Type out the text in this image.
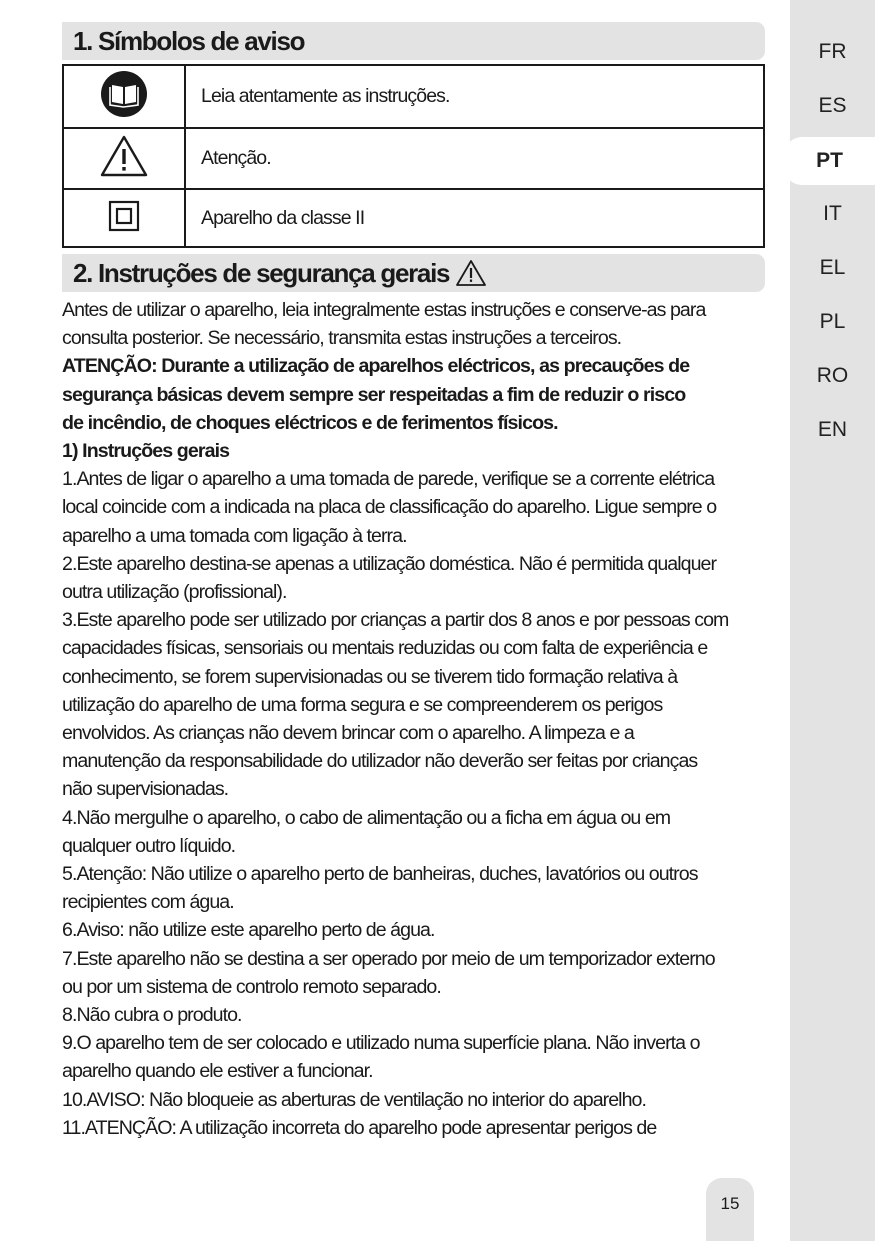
1. Símbolos de aviso
	Leia atentamente as instruções.
	Atenção.
	Aparelho da classe II
2. Instruções de segurança gerais

Antes de utilizar o aparelho, leia integralmente estas instruções e conserve-as para

consulta posterior. Se necessário, transmita estas instruções a terceiros.

ATENÇÃO: Durante a utilização de aparelhos eléctricos, as precauções de

segurança básicas devem sempre ser respeitadas a fim de reduzir o risco

de incêndio, de choques eléctricos e de ferimentos físicos.

1) Instruções gerais

1.Antes de ligar o aparelho a uma tomada de parede, verifique se a corrente elétrica

local coincide com a indicada na placa de classificação do aparelho. Ligue sempre o

aparelho a uma tomada com ligação à terra.

2.Este aparelho destina-se apenas a utilização doméstica. Não é permitida qualquer

outra utilização (profissional).

3.Este aparelho pode ser utilizado por crianças a partir dos 8 anos e por pessoas com

capacidades físicas, sensoriais ou mentais reduzidas ou com falta de experiência e

conhecimento, se forem supervisionadas ou se tiverem tido formação relativa à

utilização do aparelho de uma forma segura e se compreenderem os perigos

envolvidos. As crianças não devem brincar com o aparelho. A limpeza e a

manutenção da responsabilidade do utilizador não deverão ser feitas por crianças

não supervisionadas.

4.Não mergulhe o aparelho, o cabo de alimentação ou a ficha em água ou em

qualquer outro líquido.

5.Atenção: Não utilize o aparelho perto de banheiras, duches, lavatórios ou outros

recipientes com água.

6.Aviso: não utilize este aparelho perto de água.

7.Este aparelho não se destina a ser operado por meio de um temporizador externo

ou por um sistema de controlo remoto separado.

8.Não cubra o produto.

9.O aparelho tem de ser colocado e utilizado numa superfície plana. Não inverta o

aparelho quando ele estiver a funcionar.

10.AVISO: Não bloqueie as aberturas de ventilação no interior do aparelho.

11.ATENÇÃO: A utilização incorreta do aparelho pode apresentar perigos de

15
FR
ES
PT
IT
EL
PL
RO
EN
